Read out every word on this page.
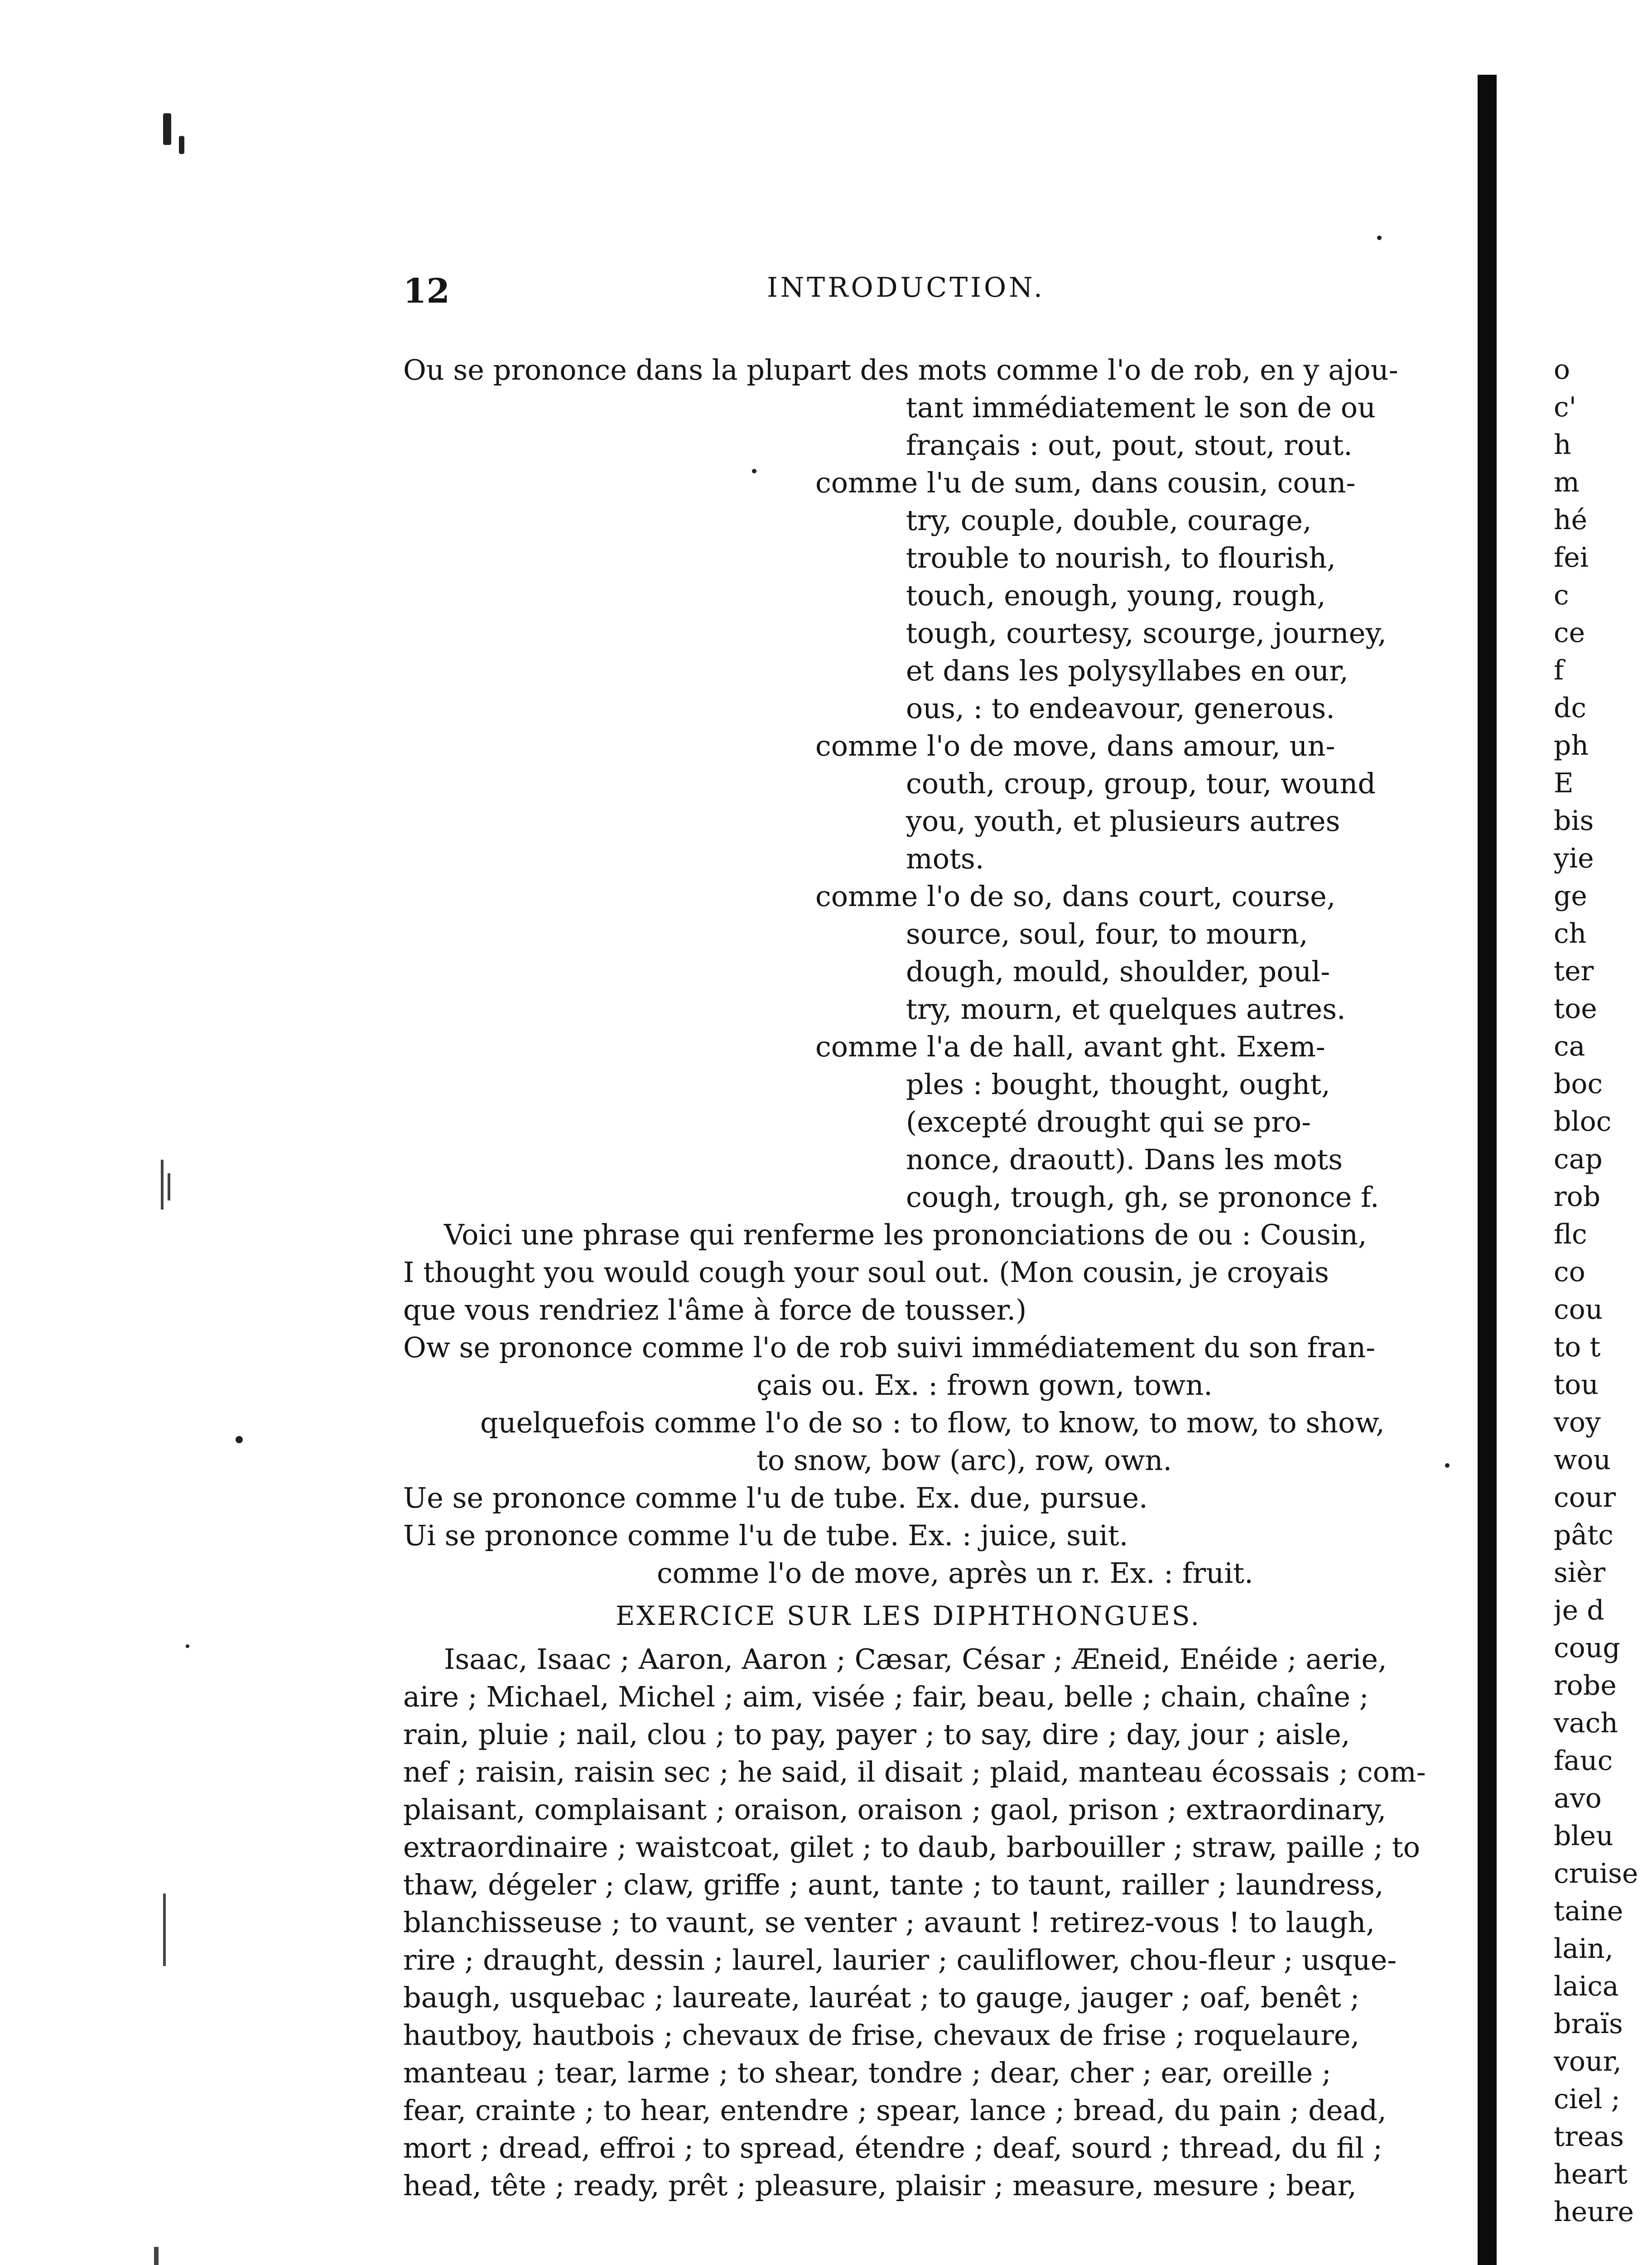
12	INTRODUCTION.
Ou se prononce dans la plupart des mots comme l'o de rob, en y ajou-
tant immédiatement le son de ou
français : out, pout, stout, rout.
comme l'u de sum, dans cousin, coun-
try, couple, double, courage,
trouble to nourish, to flourish,
touch, enough, young, rough,
tough, courtesy, scourge, journey,
et dans les polysyllabes en our,
ous, : to endeavour, generous.
comme l'o de move, dans amour, un-
couth, croup, group, tour, wound
you, youth, et plusieurs autres
mots.
comme l'o de so, dans court, course,
source, soul, four, to mourn,
dough, mould, shoulder, poul-
try, mourn, et quelques autres.
comme l'a de hall, avant ght. Exem-
ples : bought, thought, ought,
(excepté drought qui se pro-
nonce, draoutt). Dans les mots
cough, trough, gh, se prononce f.
Voici une phrase qui renferme les prononciations de ou : Cousin,
I thought you would cough your soul out. (Mon cousin, je croyais
que vous rendriez l'âme à force de tousser.)
Ow se prononce comme l'o de rob suivi immédiatement du son fran-
çais ou. Ex. : frown gown, town.
quelquefois comme l'o de so : to flow, to know, to mow, to show,
to snow, bow (arc), row, own.
Ue se prononce comme l'u de tube. Ex. due, pursue.
Ui se prononce comme l'u de tube. Ex. : juice, suit.
comme l'o de move, après un r. Ex. : fruit.
EXERCICE SUR LES DIPHTHONGUES.
Isaac, Isaac ; Aaron, Aaron ; Cæsar, César ; Æneid, Enéide ; aerie,
aire ; Michael, Michel ; aim, visée ; fair, beau, belle ; chain, chaîne ;
rain, pluie ; nail, clou ; to pay, payer ; to say, dire ; day, jour ; aisle,
nef ; raisin, raisin sec ; he said, il disait ; plaid, manteau écossais ; com-
plaisant, complaisant ; oraison, oraison ; gaol, prison ; extraordinary,
extraordinaire ; waistcoat, gilet ; to daub, barbouiller ; straw, paille ; to
thaw, dégeler ; claw, griffe ; aunt, tante ; to taunt, railler ; laundress,
blanchisseuse ; to vaunt, se venter ; avaunt ! retirez-vous ! to laugh,
rire ; draught, dessin ; laurel, laurier ; cauliflower, chou-fleur ; usque-
baugh, usquebac ; laureate, lauréat ; to gauge, jauger ; oaf, benêt ;
hautboy, hautbois ; chevaux de frise, chevaux de frise ; roquelaure,
manteau ; tear, larme ; to shear, tondre ; dear, cher ; ear, oreille ;
fear, crainte ; to hear, entendre ; spear, lance ; bread, du pain ; dead,
mort ; dread, effroi ; to spread, étendre ; deaf, sourd ; thread, du fil ;
head, tête ; ready, prêt ; pleasure, plaisir ; measure, mesure ; bear,
o
c'
h
m
hé
fei
c
ce
f
dc
ph
E
bis
yie
ge
ch
ter
toe
ca
boc
bloc
cap
rob
flc
co
cou
to t
tou
voy
wou
cour
pâtc
sièr
je d
coug
robe
vach
fauc
avo
bleu
cruise
taine
lain,
laica
braïs
vour,
ciel ;
treas
heart
heure
